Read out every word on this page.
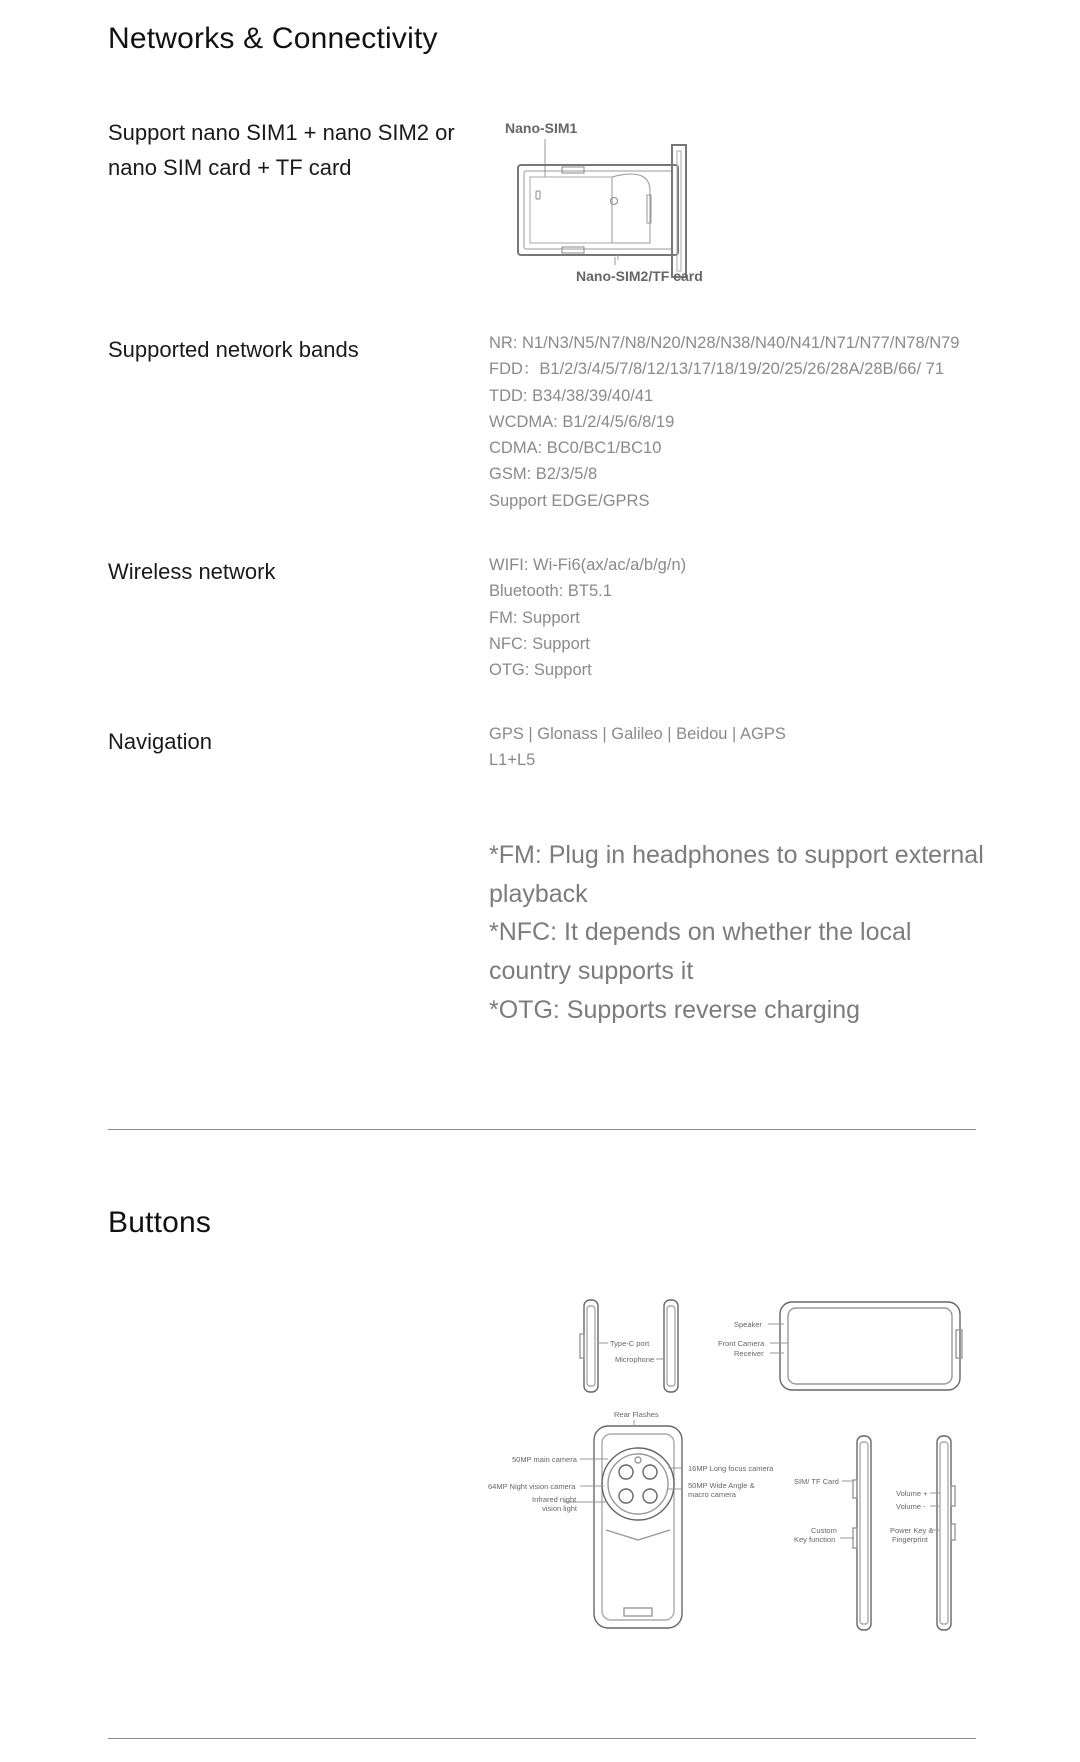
Networks & Connectivity
Support nano SIM1 + nano SIM2 or nano SIM card + TF card
Nano-SIM1
Nano-SIM2/TF card
Supported network bands	NR: N1/N3/N5/N7/N8/N20/N28/N38/N40/N41/N71/N77/N78/N79
FDD：B1/2/3/4/5/7/8/12/13/17/18/19/20/25/26/28A/28B/66/ 71
TDD: B34/38/39/40/41
WCDMA: B1/2/4/5/6/8/19
CDMA: BC0/BC1/BC10
GSM: B2/3/5/8
Support EDGE/GPRS
Wireless network	WIFI: Wi-Fi6(ax/ac/a/b/g/n)
Bluetooth: BT5.1
FM: Support
NFC: Support
OTG: Support
Navigation	GPS | Glonass | Galileo | Beidou | AGPS
L1+L5
*FM: Plug in headphones to support external playback
*NFC: It depends on whether the local country supports it
*OTG: Supports reverse charging
Buttons
Type-C port
Microphone
Speaker
Front Camera
Receiver
Rear Flashes
50MP main camera
64MP Night vision camera
Infrared night
vision light
16MP Long focus camera
50MP Wide Angle &
macro camera
SIM/ TF Card
Custom
Key function
Volume +
Volume -
Power Key &
Fingerprint
